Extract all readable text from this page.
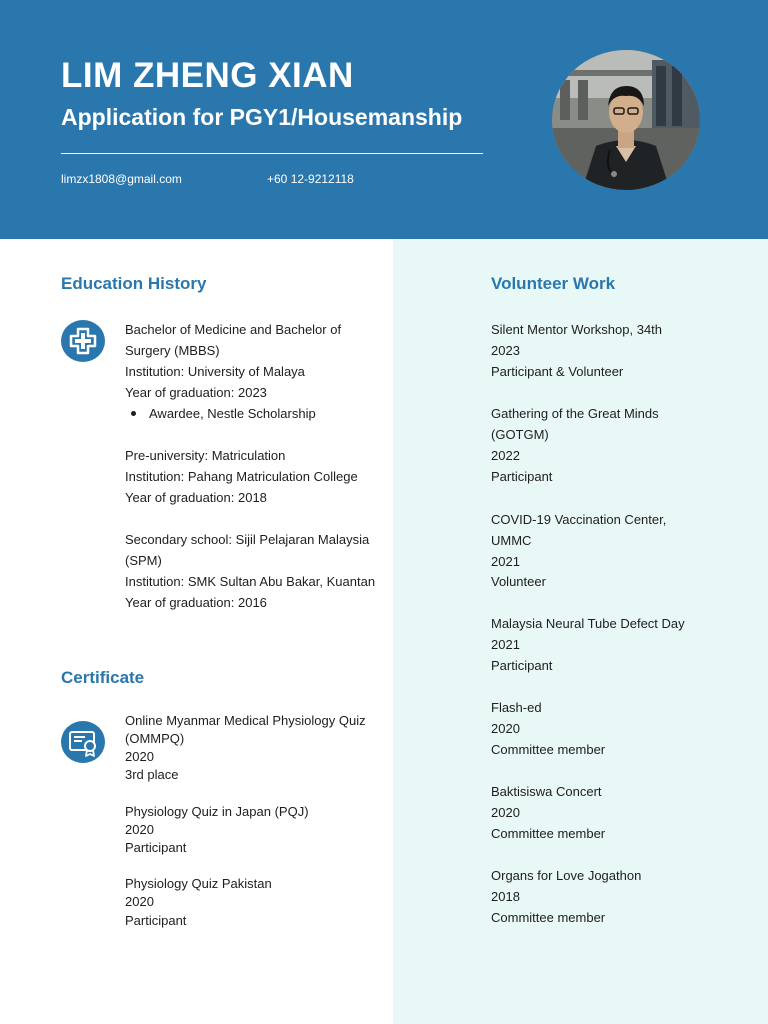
LIM ZHENG XIAN
Application for PGY1/Housemanship
limzx1808@gmail.com	+60 12-9212118
Education History
Bachelor of Medicine and Bachelor of
Surgery (MBBS)
Institution: University of Malaya
Year of graduation: 2023
Awardee, Nestle Scholarship
Pre-university: Matriculation
Institution: Pahang Matriculation College
Year of graduation: 2018
Secondary school: Sijil Pelajaran Malaysia
(SPM)
Institution: SMK Sultan Abu Bakar, Kuantan
Year of graduation: 2016
Certificate
Online Myanmar Medical Physiology Quiz
(OMMPQ)
2020
3rd place
Physiology Quiz in Japan (PQJ)
2020
Participant
Physiology Quiz Pakistan
2020
Participant
Volunteer Work
Silent Mentor Workshop, 34th
2023
Participant & Volunteer
Gathering of the Great Minds
(GOTGM)
2022
Participant
COVID-19 Vaccination Center,
UMMC
2021
Volunteer
Malaysia Neural Tube Defect Day
2021
Participant
Flash-ed
2020
Committee member
Baktisiswa Concert
2020
Committee member
Organs for Love Jogathon
2018
Committee member
